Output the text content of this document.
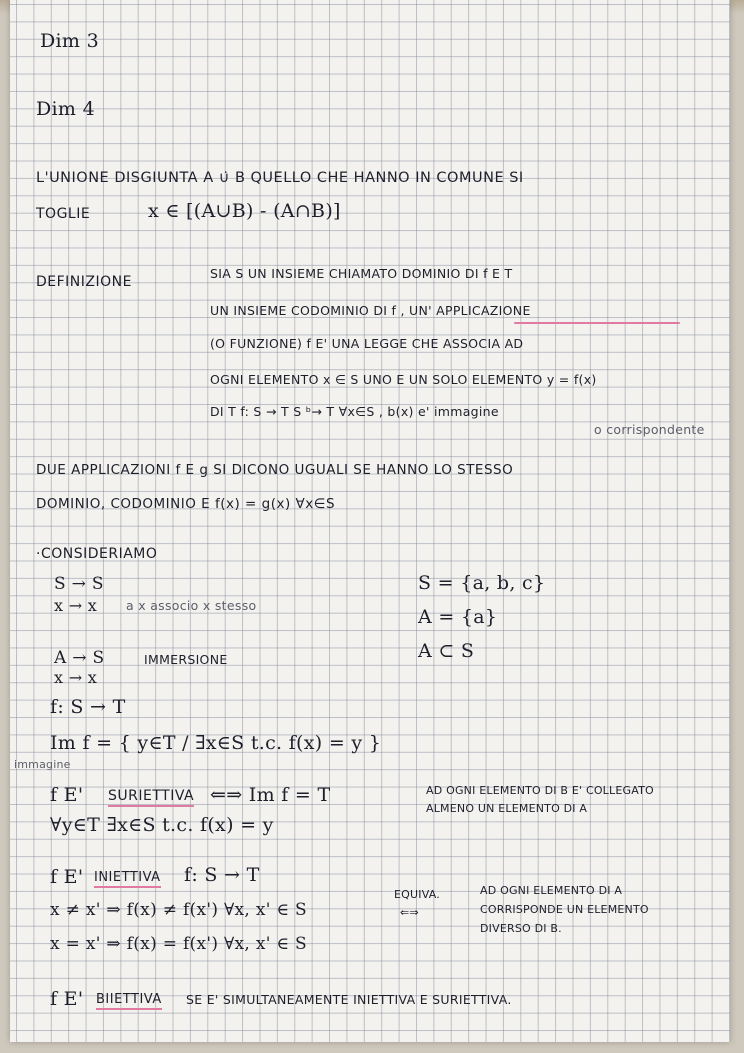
Dim 3
Dim 4
L'UNIONE DISGIUNTA A ∪̇ B QUELLO CHE HANNO IN COMUNE SI
TOGLIE	x ∈ [(A∪B) - (A∩B)]
DEFINIZIONE
SIA S UN INSIEME CHIAMATO DOMINIO DI f E T
UN INSIEME CODOMINIO DI f , UN' APPLICAZIONE
(O FUNZIONE) f E' UNA LEGGE CHE ASSOCIA AD
OGNI ELEMENTO x ∈ S UNO E UN SOLO ELEMENTO y = f(x)
DI T f: S → T S ᵇ→ T ∀x∈S , b(x) e' immagine
o corrispondente
DUE APPLICAZIONI f E g SI DICONO UGUALI SE HANNO LO STESSO
DOMINIO, CODOMINIO E f(x) = g(x) ∀x∈S
·CONSIDERIAMO
S → S
x → x a x associo x stesso
S = {a, b, c}
A = {a}
A ⊂ S
A → S
x → x
IMMERSIONE
f: S → T
Im f = { y∈T / ∃x∈S t.c. f(x) = y }
immagine
f E' SURIETTIVA ⇐⇒ Im f = T
∀y∈T ∃x∈S t.c. f(x) = y
AD OGNI ELEMENTO DI B E' COLLEGATO
ALMENO UN ELEMENTO DI A
f E' INIETTIVA f: S → T
x ≠ x' ⇒ f(x) ≠ f(x') ∀x, x' ∈ S
x = x' ⇒ f(x) = f(x') ∀x, x' ∈ S
EQUIVA.
⇐⇒
AD OGNI ELEMENTO DI A
CORRISPONDE UN ELEMENTO
DIVERSO DI B.
f E' BIIETTIVA SE E' SIMULTANEAMENTE INIETTIVA E SURIETTIVA.
